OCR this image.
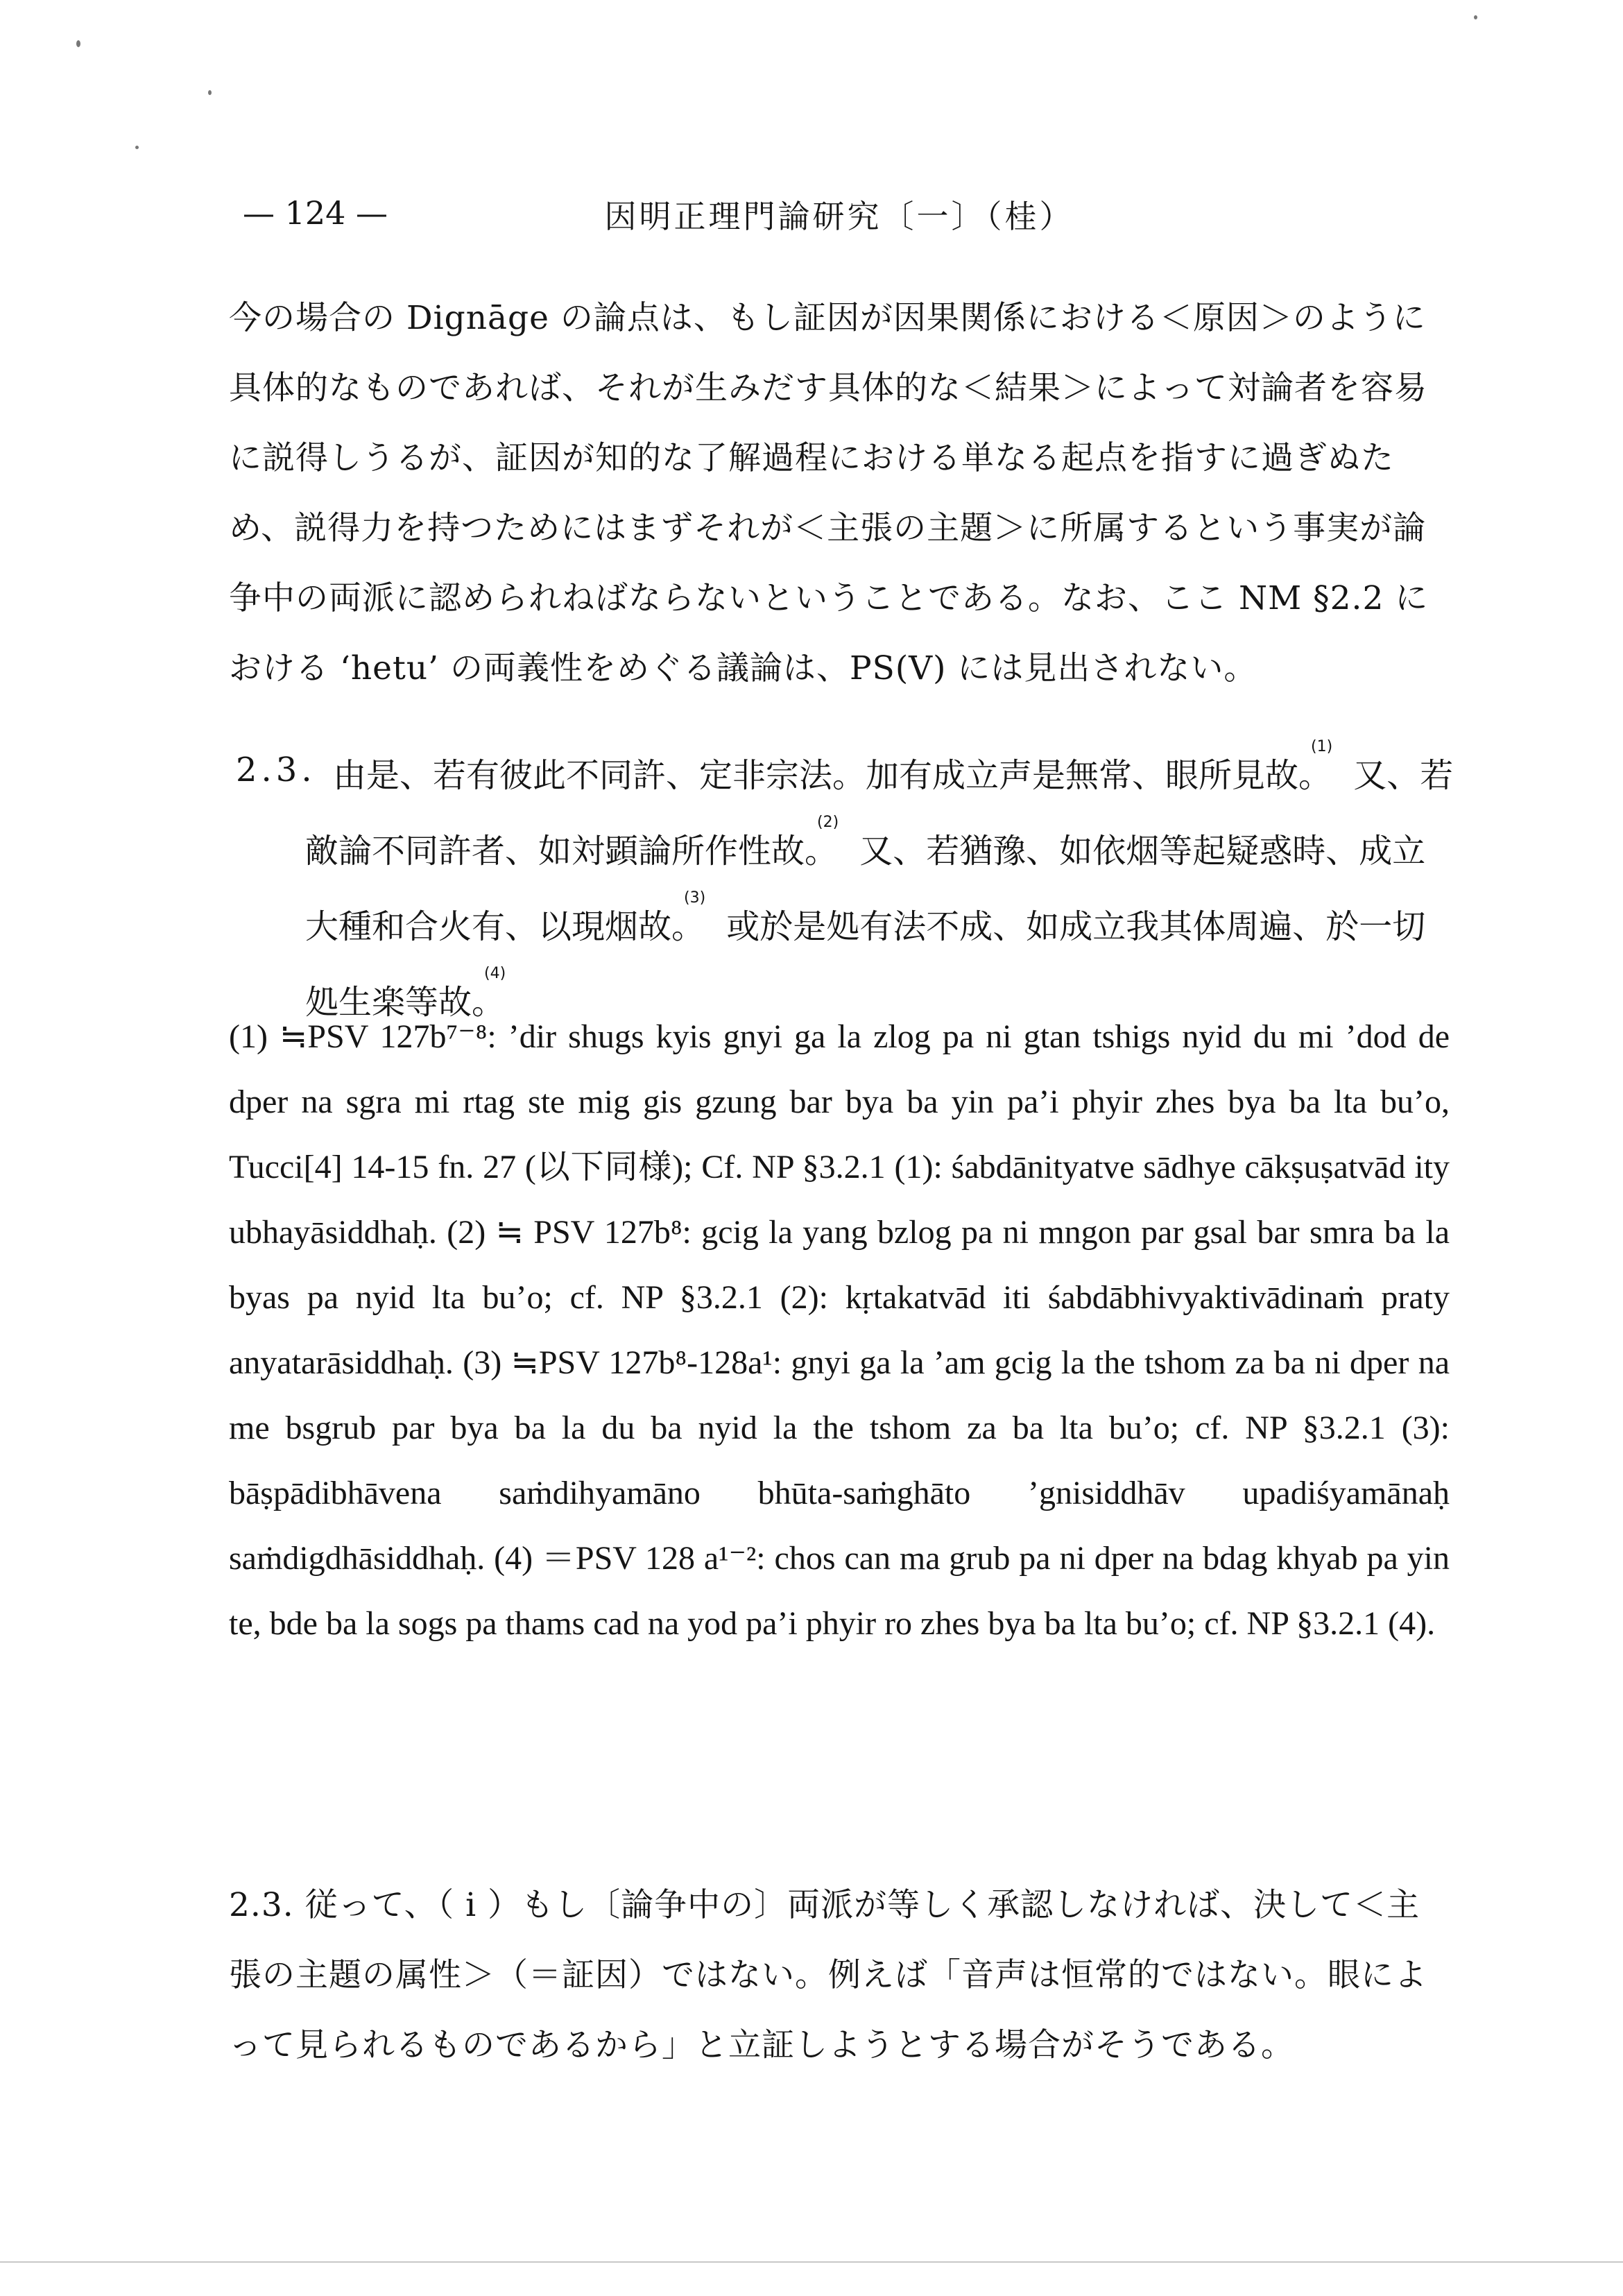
— 124 —	因明正理門論研究〔一〕（桂）

今の場合の Dignāge の論点は、もし証因が因果関係における＜原因＞のように具体的なものであれば、それが生みだす具体的な＜結果＞によって対論者を容易に説得しうるが、証因が知的な了解過程における単なる起点を指すに過ぎぬため、説得力を持つためにはまずそれが＜主張の主題＞に所属するという事実が論争中の両派に認められねばならないということである。なお、ここ NM §2.2 における ‘hetu’ の両義性をめぐる議論は、PS(V) には見出されない。

2.3. 由是、若有彼此不同許、定非宗法。加有成立声是無常、眼所見故。$^{(1)}$又、若敵論不同許者、如対顕論所作性故。$^{(2)}$又、若猶豫、如依烟等起疑惑時、成立大種和合火有、以現烟故。$^{(3)}$或於是処有法不成、如成立我其体周遍、於一切処生楽等故。$^{(4)}$

(1) ≒PSV 127b⁷⁻⁸: ’dir shugs kyis gnyi ga la zlog pa ni gtan tshigs nyid du mi ’dod de dper na sgra mi rtag ste mig gis gzung bar bya ba yin pa’i phyir zhes bya ba lta bu’o, Tucci[4] 14-15 fn. 27 (以下同様); Cf. NP §3.2.1 (1): śabdānityatve sādhye cākṣuṣatvād ity ubhayāsiddhaḥ. (2) ≒ PSV 127b⁸: gcig la yang bzlog pa ni mngon par gsal bar smra ba la byas pa nyid lta bu’o; cf. NP §3.2.1 (2): kṛtakatvād iti śabdābhivyaktivādinaṁ praty anyatarāsiddhaḥ. (3) ≒PSV 127b⁸-128a¹: gnyi ga la ’am gcig la the tshom za ba ni dper na me bsgrub par bya ba la du ba nyid la the tshom za ba lta bu’o; cf. NP §3.2.1 (3): bāṣpādibhāvena saṁdihyamāno bhūta-saṁghāto ’gnisiddhāv upadiśyamānaḥ saṁdigdhāsiddhaḥ. (4) ＝PSV 128 a¹⁻²: chos can ma grub pa ni dper na bdag khyab pa yin te, bde ba la sogs pa thams cad na yod pa’i phyir ro zhes bya ba lta bu’o; cf. NP §3.2.1 (4).

2.3. 従って、（ i ）もし〔論争中の〕両派が等しく承認しなければ、決して＜主張の主題の属性＞（＝証因）ではない。例えば「音声は恒常的ではない。眼によって見られるものであるから」と立証しようとする場合がそうである。
